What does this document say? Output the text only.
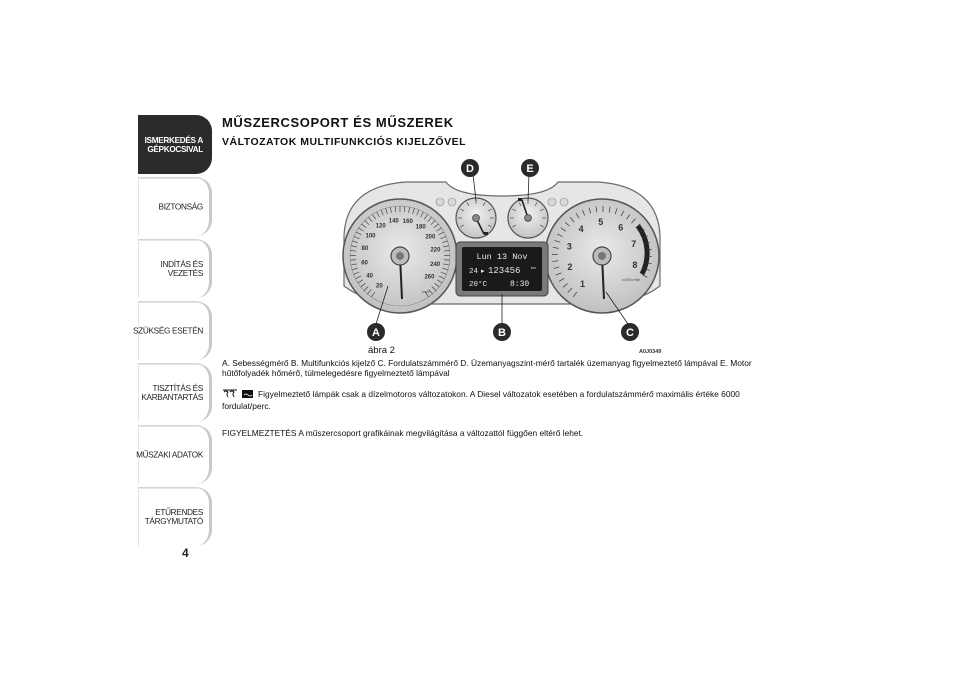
ISMERKEDÉS A
GÉPKOCSIVAL
BIZTONSÁG
INDÍTÁS ÉS VEZETÉS
SZÜKSÉG ESETÉN
TISZTÍTÁS ÉS
KARBANTARTÁS
MŰSZAKI ADATOK
ETŰRENDES
TÁRGYMUTATÓ
4
MŰSZERCSOPORT ÉS MŰSZEREK
VÁLTOZATOK MULTIFUNKCIÓS KIJELZŐVEL
20
40
60
80
100
120
140 160
180
200
220
240
260
km/h
1
2
3
4
5
6
7
8
x1000 r/min
Lun 13 Nov
24 ▸ 123456	km
20°C	8:30
A	B	C
D	E
ábra 2	A0J0349
A. Sebességmérő B. Multifunkciós kijelző C. Fordulatszámmérő D. Üzemanyagszint-mérő tartalék üzemanyag figyelmeztető lámpával E. Motor hűtőfolyadék hőmérő, túlmelegedésre figyelmeztető lámpával
Figyelmeztető lámpák csak a dízelmotoros változatokon. A Diesel változatok esetében a fordulatszámmérő maximális értéke 6000 fordulat/perc.
FIGYELMEZTETÉS A műszercsoport grafikáinak megvilágítása a változattól függően eltérő lehet.
